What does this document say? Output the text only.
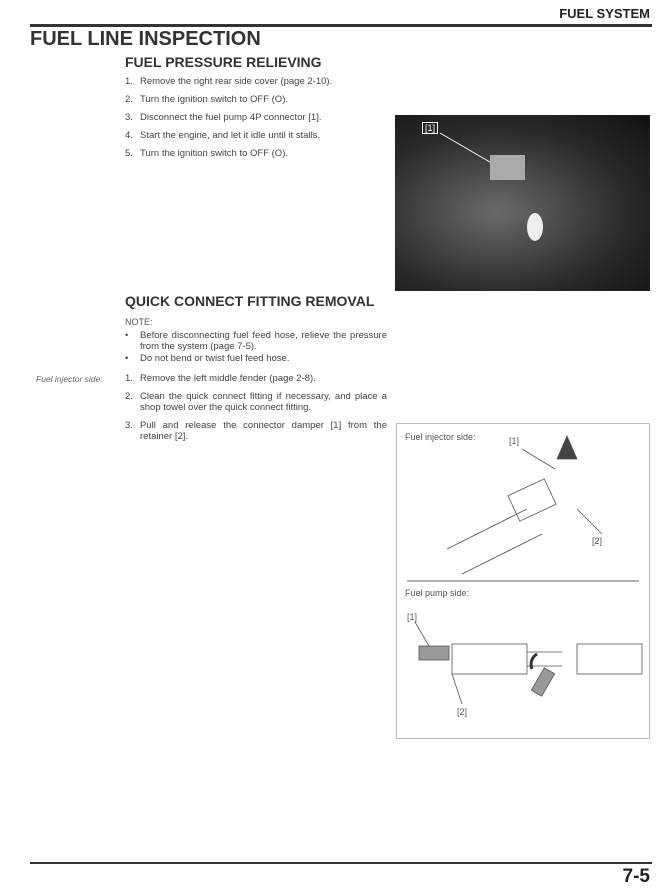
FUEL SYSTEM
FUEL LINE INSPECTION
FUEL PRESSURE RELIEVING
1. Remove the right rear side cover (page 2-10).
2. Turn the ignition switch to OFF (O).
3. Disconnect the fuel pump 4P connector [1].
4. Start the engine, and let it idle until it stalls.
5. Turn the ignition switch to OFF (O).
[1]
QUICK CONNECT FITTING REMOVAL
NOTE:
•	Before disconnecting fuel feed hose, relieve the pressure from the system (page 7-5).
•	Do not bend or twist fuel feed hose.
Fuel injector side: 1. Remove the left middle fender (page 2-8).
2. Clean the quick connect fitting if necessary, and place a shop towel over the quick connect fitting.
3. Pull and release the connector damper [1] from the retainer [2].	Fuel injector side:	[1]
[2]
Fuel pump side:
[1]
[2]
7-5
